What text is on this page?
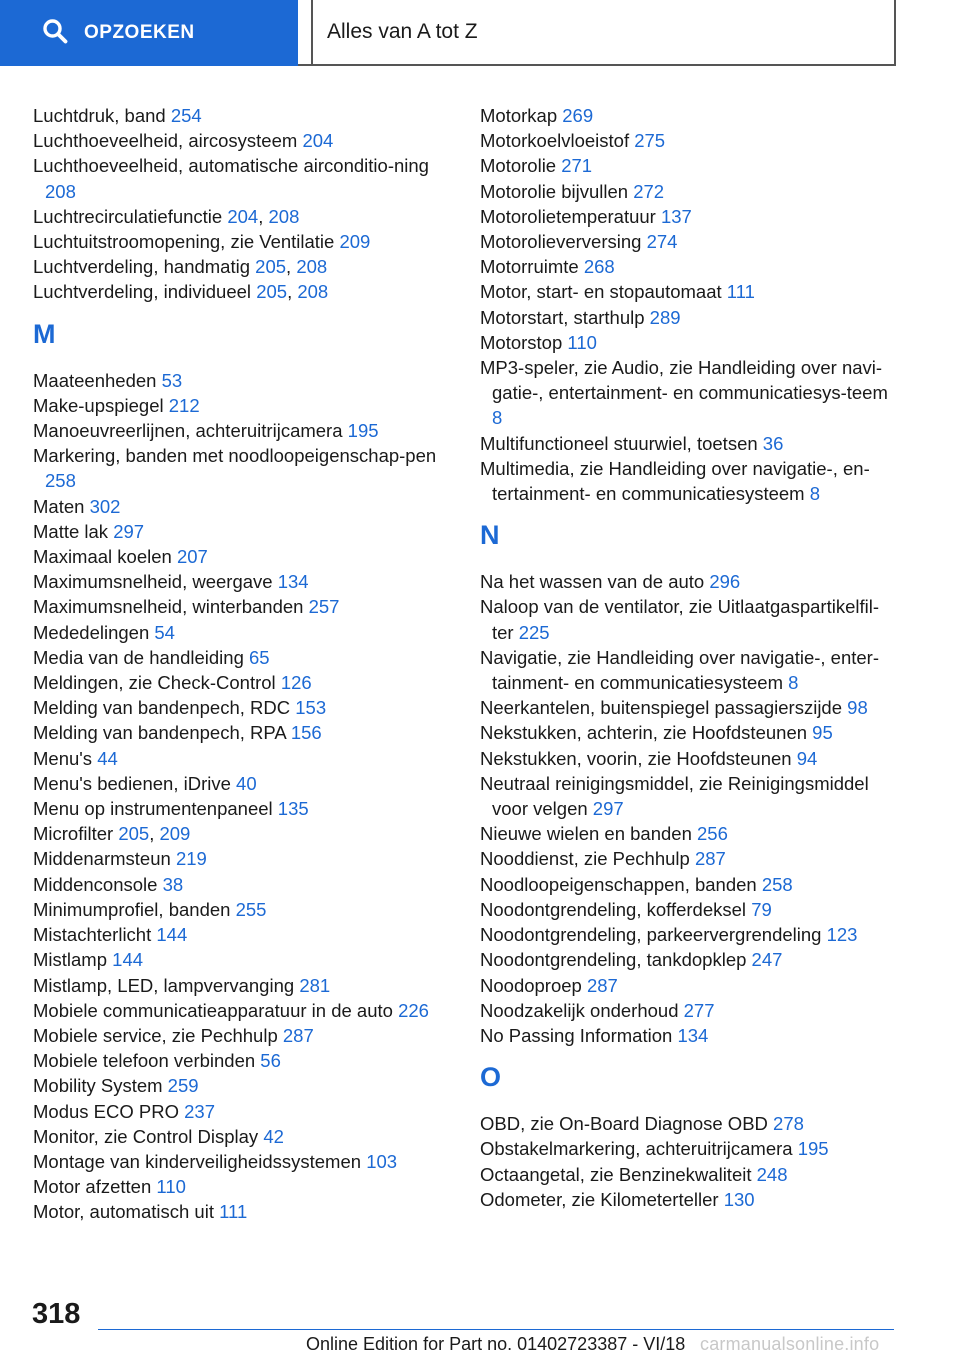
OPZOEKEN	Alles van A tot Z
Luchtdruk, band 254
Luchthoeveelheid, aircosysteem 204
Luchthoeveelheid, automatische airconditio‐ning 208
Luchtrecirculatiefunctie 204, 208
Luchtuitstroomopening, zie Ventilatie 209
Luchtverdeling, handmatig 205, 208
Luchtverdeling, individueel 205, 208
M
Maateenheden 53
Make-upspiegel 212
Manoeuvreerlijnen, achteruitrijcamera 195
Markering, banden met noodloopeigenschap‐pen 258
Maten 302
Matte lak 297
Maximaal koelen 207
Maximumsnelheid, weergave 134
Maximumsnelheid, winterbanden 257
Mededelingen 54
Media van de handleiding 65
Meldingen, zie Check-Control 126
Melding van bandenpech, RDC 153
Melding van bandenpech, RPA 156
Menu's 44
Menu's bedienen, iDrive 40
Menu op instrumentenpaneel 135
Microfilter 205, 209
Middenarmsteun 219
Middenconsole 38
Minimumprofiel, banden 255
Mistachterlicht 144
Mistlamp 144
Mistlamp, LED, lampvervanging 281
Mobiele communicatieapparatuur in de auto 226
Mobiele service, zie Pechhulp 287
Mobiele telefoon verbinden 56
Mobility System 259
Modus ECO PRO 237
Monitor, zie Control Display 42
Montage van kinderveiligheidssystemen 103
Motor afzetten 110
Motor, automatisch uit 111
Motorkap 269
Motorkoelvloeistof 275
Motorolie 271
Motorolie bijvullen 272
Motorolietemperatuur 137
Motorolieverversing 274
Motorruimte 268
Motor, start- en stopautomaat 111
Motorstart, starthulp 289
Motorstop 110
MP3-speler, zie Audio, zie Handleiding over navi‐gatie-, entertainment- en communicatiesys‐teem 8
Multifunctioneel stuurwiel, toetsen 36
Multimedia, zie Handleiding over navigatie-, en‐tertainment- en communicatiesysteem 8
N
Na het wassen van de auto 296
Naloop van de ventilator, zie Uitlaatgaspartikelfil‐ter 225
Navigatie, zie Handleiding over navigatie-, enter‐tainment- en communicatiesysteem 8
Neerkantelen, buitenspiegel passagierszijde 98
Nekstukken, achterin, zie Hoofdsteunen 95
Nekstukken, voorin, zie Hoofdsteunen 94
Neutraal reinigingsmiddel, zie Reinigingsmiddel voor velgen 297
Nieuwe wielen en banden 256
Nooddienst, zie Pechhulp 287
Noodloopeigenschappen, banden 258
Noodontgrendeling, kofferdeksel 79
Noodontgrendeling, parkeervergrendeling 123
Noodontgrendeling, tankdopklep 247
Noodoproep 287
Noodzakelijk onderhoud 277
No Passing Information 134
O
OBD, zie On-Board Diagnose OBD 278
Obstakelmarkering, achteruitrijcamera 195
Octaangetal, zie Benzinekwaliteit 248
Odometer, zie Kilometerteller 130
318
Online Edition for Part no. 01402723387 - VI/18 carmanualsonline.info
